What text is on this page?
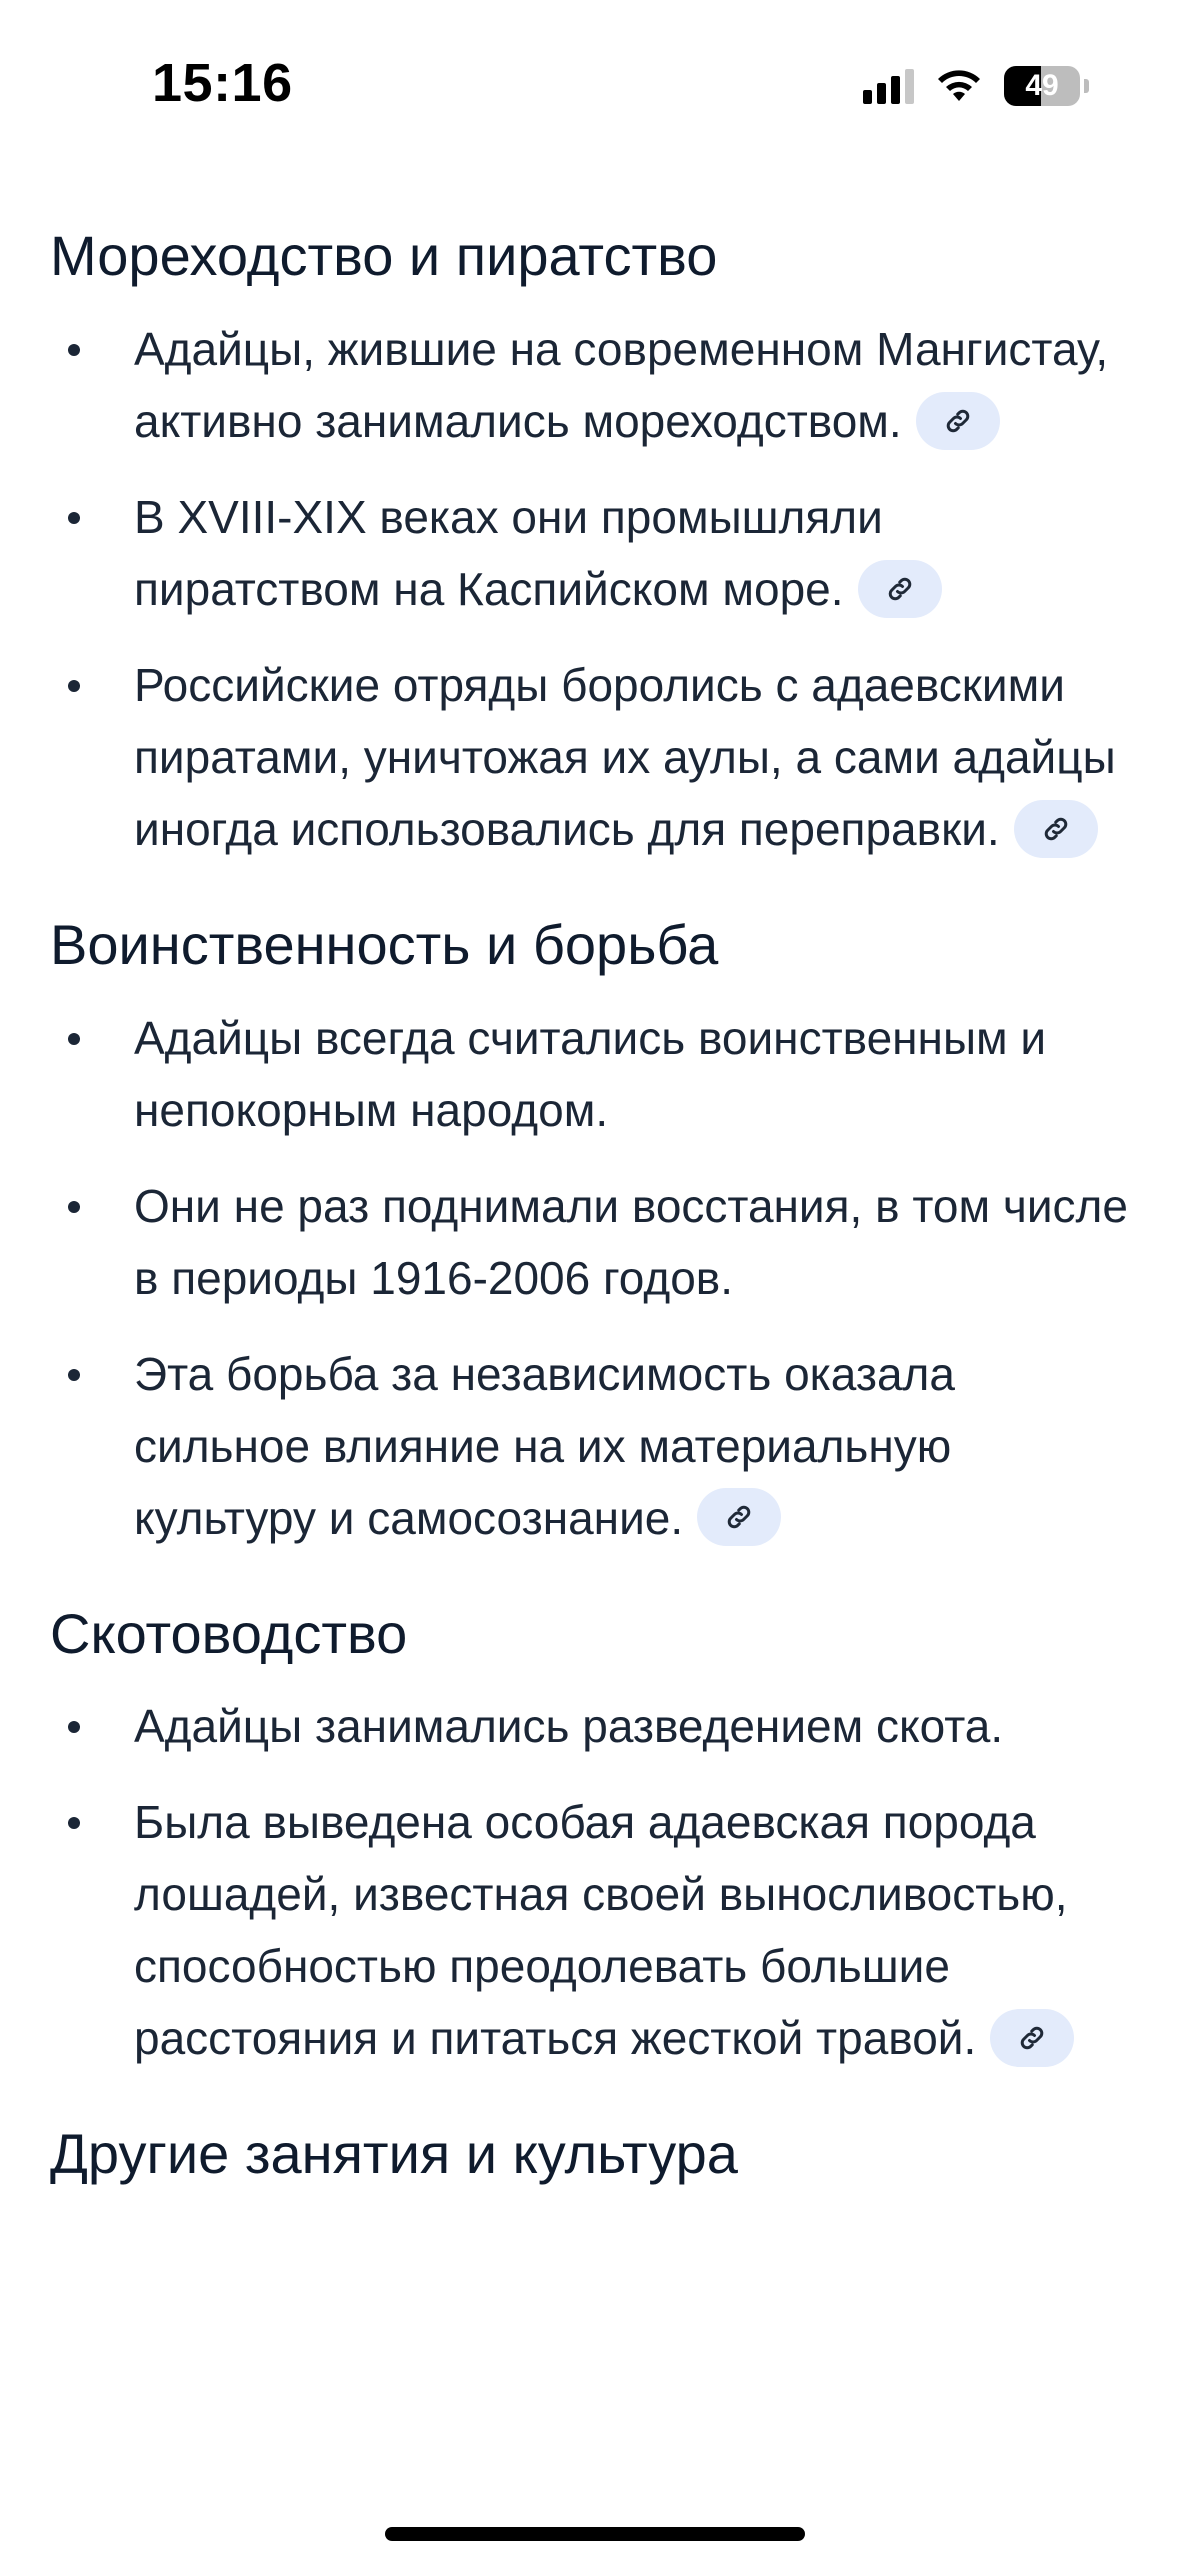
15:16	49
Мореходство и пиратство
Адайцы, жившие на современном Мангистау, активно занимались мореходством.
В XVIII-XIX веках они промышляли пиратством на Каспийском море.
Российские отряды боролись с адаевскими пиратами, уничтожая их аулы, а сами адайцы иногда использовались для переправки.
Воинственность и борьба
Адайцы всегда считались воинственным и непокорным народом.
Они не раз поднимали восстания, в том числе в периоды 1916-2006 годов.
Эта борьба за независимость оказала сильное влияние на их материальную культуру и самосознание.
Скотоводство
Адайцы занимались разведением скота.
Была выведена особая адаевская порода лошадей, известная своей выносливостью, способностью преодолевать большие расстояния и питаться жесткой травой.
Другие занятия и культура
